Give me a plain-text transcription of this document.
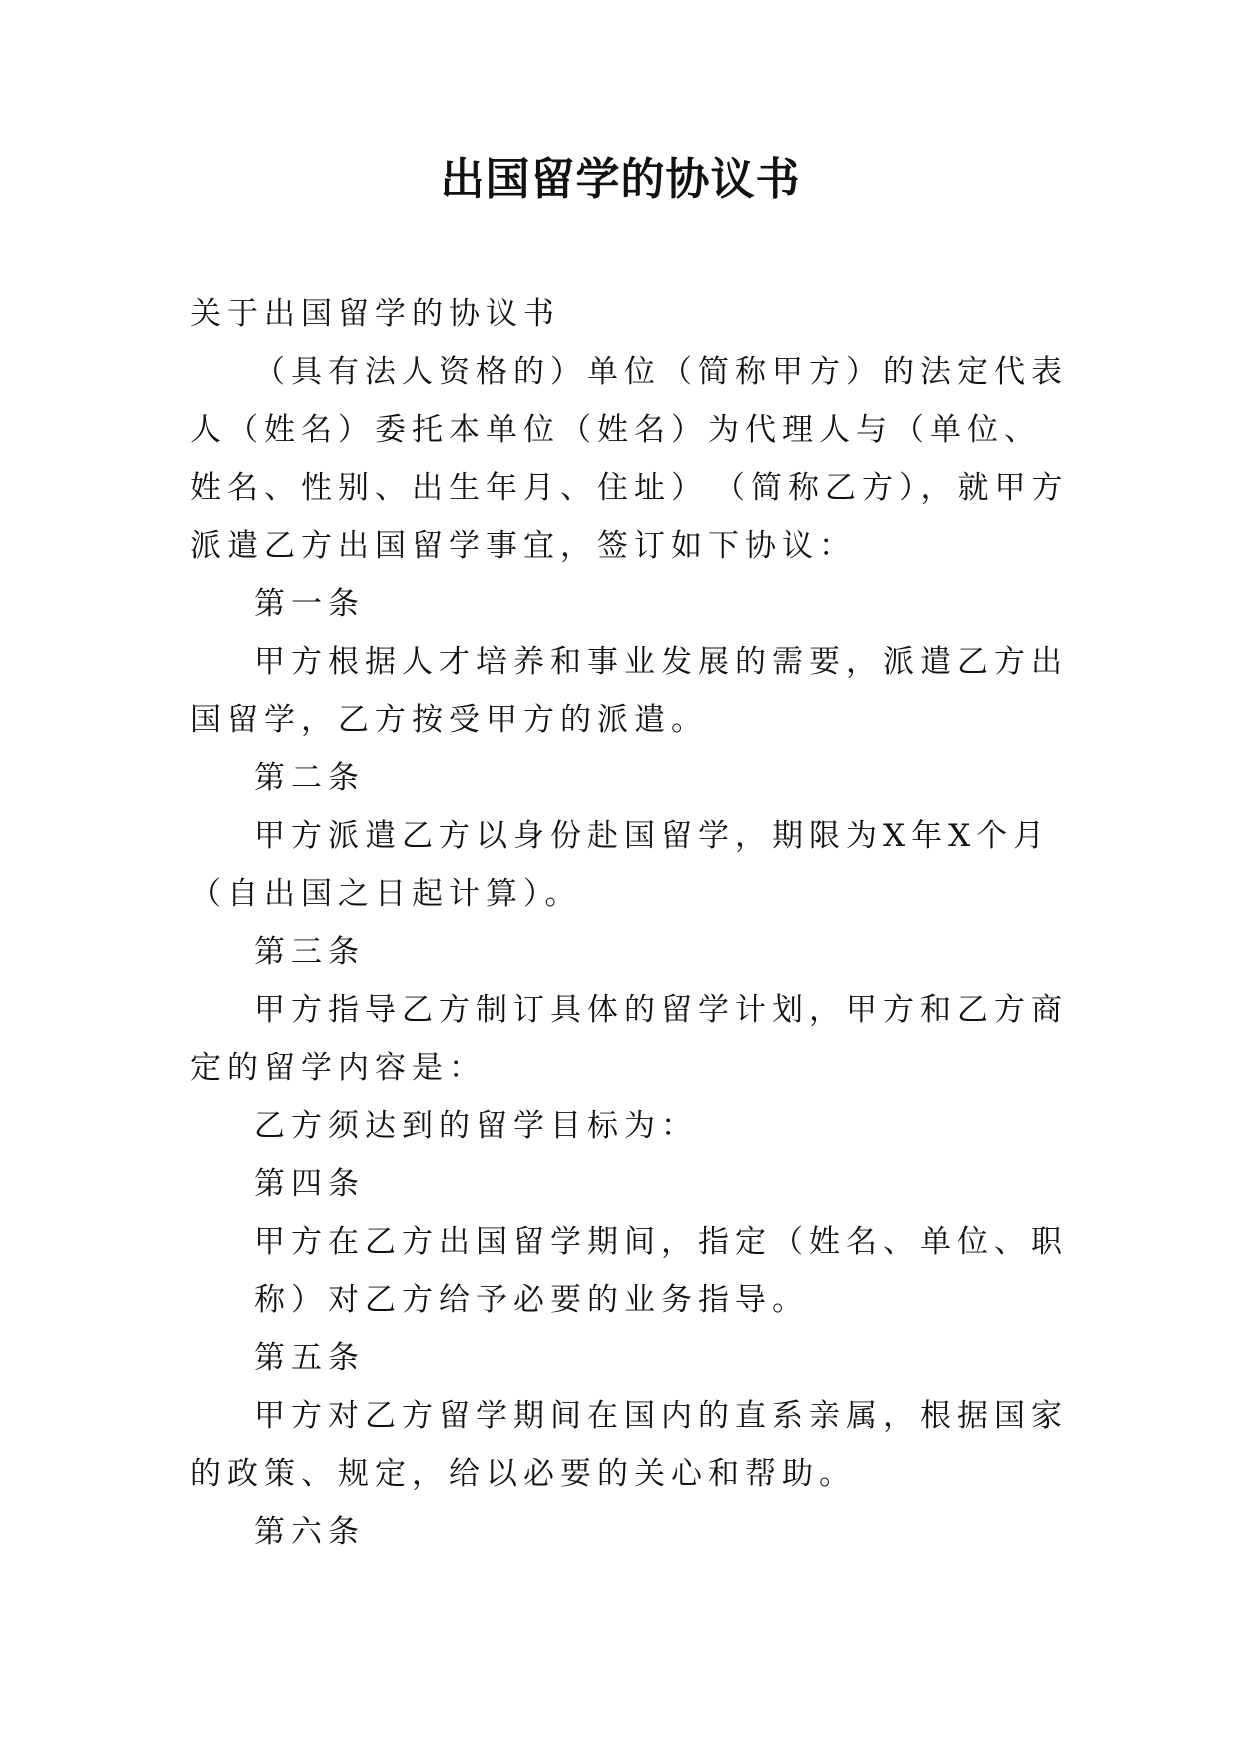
出国留学的协议书

关于出国留学的协议书

（具有法人资格的）单位（简称甲方）的法定代表人（姓名）委托本单位（姓名）为代理人与（单位、姓名、性别、出生年月、住址）　（简称乙方），就甲方派遣乙方出国留学事宜，签订如下协议：

第一条

甲方根据人才培养和事业发展的需要，派遣乙方出国留学，乙方按受甲方的派遣。

第二条

甲方派遣乙方以身份赴国留学，期限为X年X个月（自出国之日起计算）。

第三条

甲方指导乙方制订具体的留学计划，甲方和乙方商定的留学内容是：

乙方须达到的留学目标为：

第四条

甲方在乙方出国留学期间，指定（姓名、单位、职称）对乙方给予必要的业务指导。

第五条

甲方对乙方留学期间在国内的直系亲属，根据国家的政策、规定，给以必要的关心和帮助。

第六条
